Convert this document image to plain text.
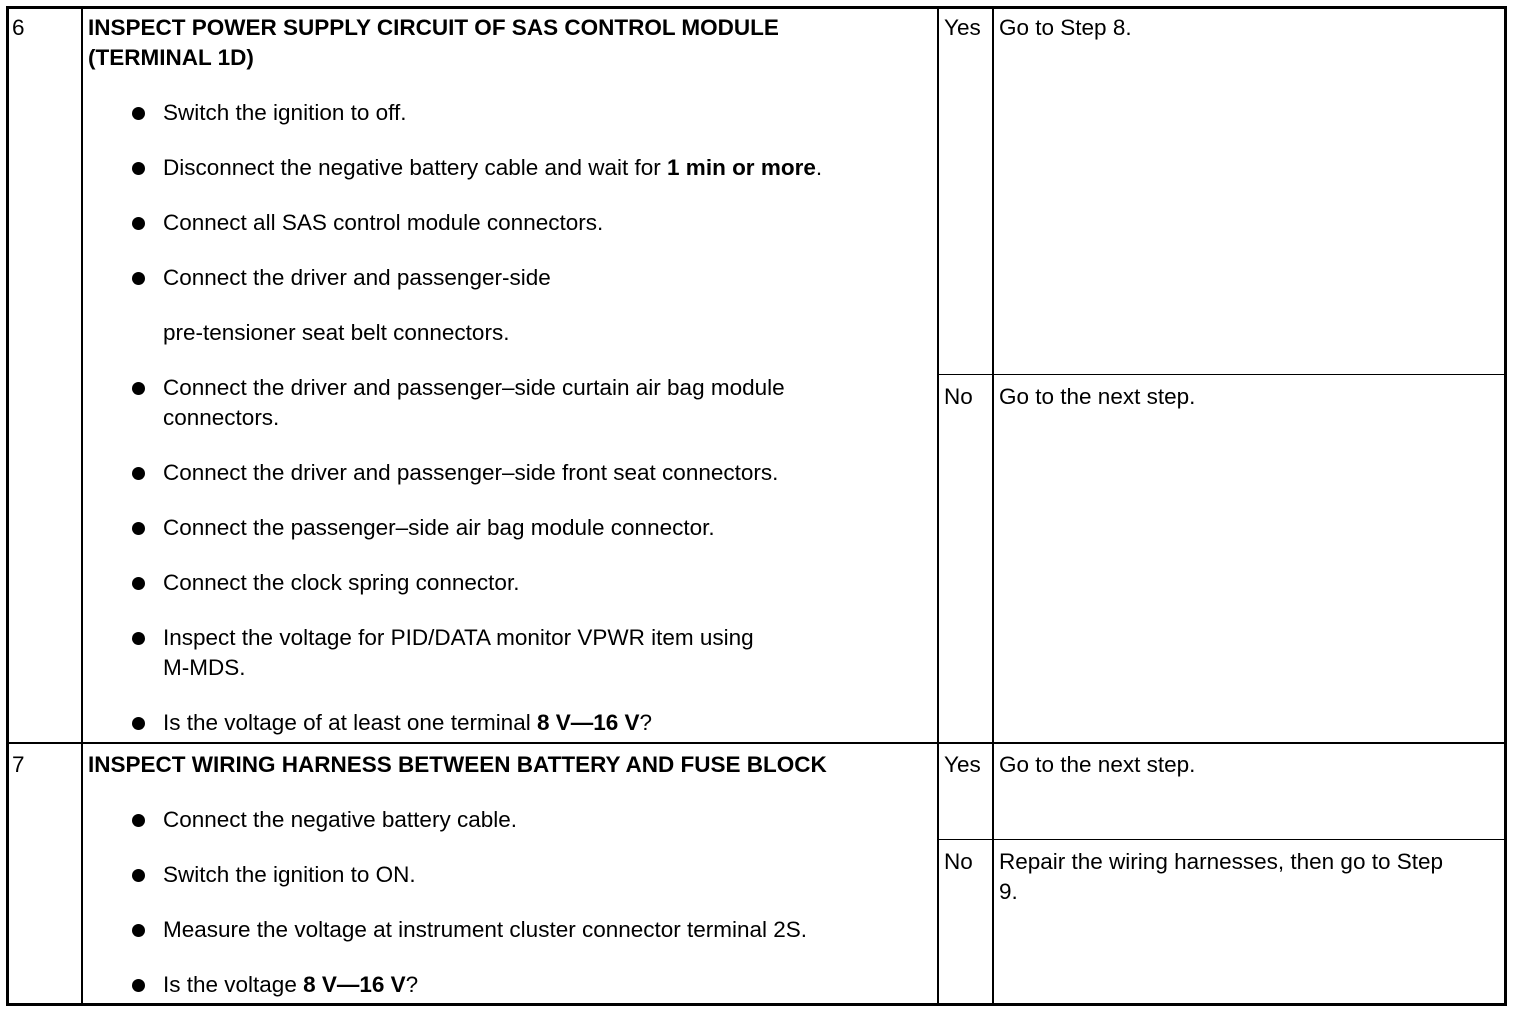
6	INSPECT POWER SUPPLY CIRCUIT OF SAS CONTROL MODULE
(TERMINAL 1D)
Switch the ignition to off.
Disconnect the negative battery cable and wait for 1 min or more.
Connect all SAS control module connectors.
Connect the driver and passenger-side
pre-tensioner seat belt connectors.
Connect the driver and passenger–side curtain air bag module
connectors.
Connect the driver and passenger–side front seat connectors.
Connect the passenger–side air bag module connector.
Connect the clock spring connector.
Inspect the voltage for PID/DATA monitor VPWR item using
M-MDS.
Is the voltage of at least one terminal 8 V—16 V?
Yes Go to Step 8.
No Go to the next step.
7	INSPECT WIRING HARNESS BETWEEN BATTERY AND FUSE BLOCK
Connect the negative battery cable.
Switch the ignition to ON.
Measure the voltage at instrument cluster connector terminal 2S.
Is the voltage 8 V—16 V?
Yes Go to the next step.
No Repair the wiring harnesses, then go to Step
9.
